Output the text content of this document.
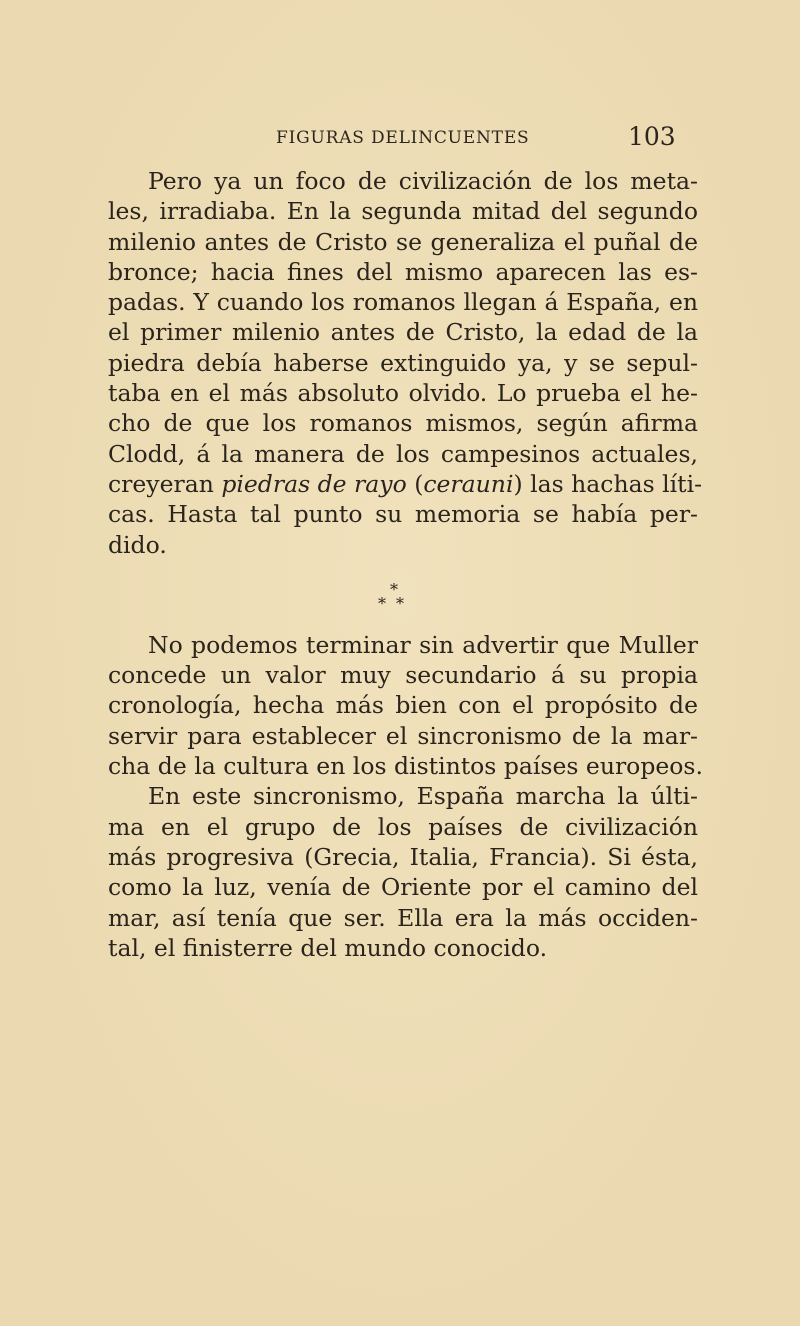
FIGURAS DELINCUENTES	103
Pero ya un foco de civilización de los meta-
les, irradiaba. En la segunda mitad del segundo
milenio antes de Cristo se generaliza el puñal de
bronce; hacia fines del mismo aparecen las es-
padas. Y cuando los romanos llegan á España, en
el primer milenio antes de Cristo, la edad de la
piedra debía haberse extinguido ya, y se sepul-
taba en el más absoluto olvido. Lo prueba el he-
cho de que los romanos mismos, según afirma
Clodd, á la manera de los campesinos actuales,
creyeran piedras de rayo (cerauni) las hachas líti-
cas. Hasta tal punto su memoria se había per-
dido.
*
**
No podemos terminar sin advertir que Muller
concede un valor muy secundario á su propia
cronología, hecha más bien con el propósito de
servir para establecer el sincronismo de la mar-
cha de la cultura en los distintos países europeos.
En este sincronismo, España marcha la últi-
ma en el grupo de los países de civilización
más progresiva (Grecia, Italia, Francia). Si ésta,
como la luz, venía de Oriente por el camino del
mar, así tenía que ser. Ella era la más occiden-
tal, el finisterre del mundo conocido.
